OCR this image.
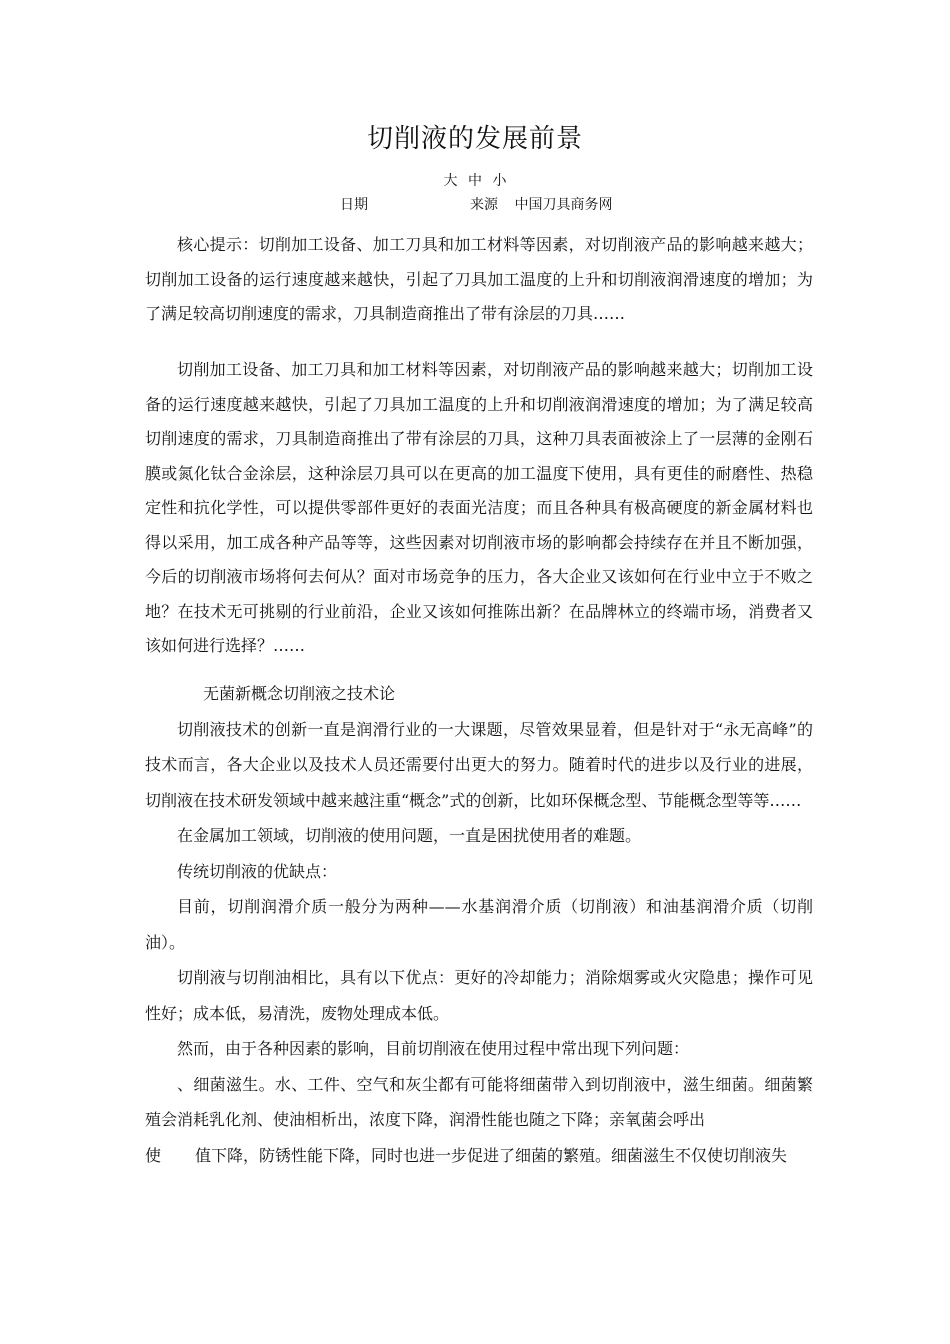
切削液的发展前景
大 中 小
日期	来源 中国刀具商务网

核心提示：切削加工设备、加工刀具和加工材料等因素，对切削液产品的影响越来越大；切削加工设备的运行速度越来越快，引起了刀具加工温度的上升和切削液润滑速度的增加；为了满足较高切削速度的需求，刀具制造商推出了带有涂层的刀具……

切削加工设备、加工刀具和加工材料等因素，对切削液产品的影响越来越大；切削加工设备的运行速度越来越快，引起了刀具加工温度的上升和切削液润滑速度的增加；为了满足较高切削速度的需求，刀具制造商推出了带有涂层的刀具，这种刀具表面被涂上了一层薄的金刚石膜或氮化钛合金涂层，这种涂层刀具可以在更高的加工温度下使用，具有更佳的耐磨性、热稳定性和抗化学性，可以提供零部件更好的表面光洁度；而且各种具有极高硬度的新金属材料也得以采用，加工成各种产品等等，这些因素对切削液市场的影响都会持续存在并且不断加强，今后的切削液市场将何去何从？面对市场竞争的压力，各大企业又该如何在行业中立于不败之地？在技术无可挑剔的行业前沿，企业又该如何推陈出新？在品牌林立的终端市场，消费者又该如何进行选择？……

无菌新概念切削液之技术论

切削液技术的创新一直是润滑行业的一大课题，尽管效果显着，但是针对于“永无高峰”的技术而言，各大企业以及技术人员还需要付出更大的努力。随着时代的进步以及行业的进展，切削液在技术研发领域中越来越注重“概念”式的创新，比如环保概念型、节能概念型等等……

在金属加工领域，切削液的使用问题，一直是困扰使用者的难题。

传统切削液的优缺点：

目前，切削润滑介质一般分为两种——水基润滑介质（切削液）和油基润滑介质（切削油）。

切削液与切削油相比，具有以下优点：更好的冷却能力；消除烟雾或火灾隐患；操作可见性好；成本低，易清洗，废物处理成本低。

然而，由于各种因素的影响，目前切削液在使用过程中常出现下列问题：

、细菌滋生。水、工件、空气和灰尘都有可能将细菌带入到切削液中，滋生细菌。细菌繁殖会消耗乳化剂、使油相析出，浓度下降，润滑性能也随之下降；亲氧菌会呼出

使 值下降，防锈性能下降，同时也进一步促进了细菌的繁殖。细菌滋生不仅使切削液失
